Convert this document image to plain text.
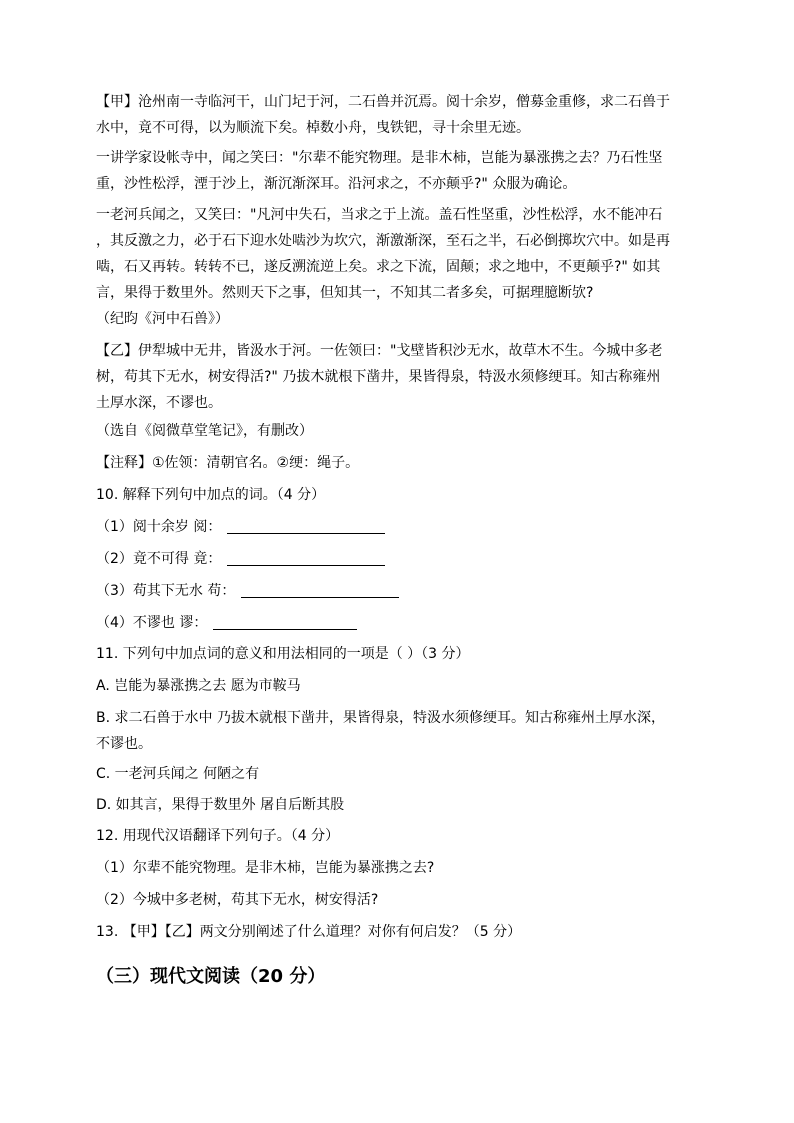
【甲】沧州南一寺临河干，山门圮于河，二石兽并沉焉。阅十余岁，僧募金重修，求二石兽于

水中，竟不可得，以为顺流下矣。棹数小舟，曳铁钯，寻十余里无迹。

一讲学家设帐寺中，闻之笑曰："尔辈不能究物理。是非木柿，岂能为暴涨携之去？乃石性坚

重，沙性松浮，湮于沙上，渐沉渐深耳。沿河求之，不亦颠乎?" 众服为确论。

一老河兵闻之，又笑曰："凡河中失石，当求之于上流。盖石性坚重，沙性松浮，水不能冲石

，其反激之力，必于石下迎水处啮沙为坎穴，渐激渐深，至石之半，石必倒掷坎穴中。如是再

啮，石又再转。转转不已，遂反溯流逆上矣。求之下流，固颠；求之地中，不更颠乎?" 如其

言，果得于数里外。然则天下之事，但知其一，不知其二者多矣，可据理臆断欤?

（纪昀《河中石兽》）

【乙】伊犁城中无井，皆汲水于河。一佐领曰："戈壁皆积沙无水，故草木不生。今城中多老

树，苟其下无水，树安得活?" 乃拔木就根下凿井，果皆得泉，特汲水须修绠耳。知古称雍州

土厚水深，不谬也。

（选自《阅微草堂笔记》，有删改）

【注释】①佐领：清朝官名。②绠：绳子。

10. 解释下列句中加点的词。（4 分）

（1）阅十余岁 阅：

（2）竟不可得 竟：

（3）苟其下无水 苟：

（4）不谬也 谬：

11. 下列句中加点词的意义和用法相同的一项是（ ）（3 分）

A. 岂能为暴涨携之去 愿为市鞍马

B. 求二石兽于水中 乃拔木就根下凿井，果皆得泉，特汲水须修绠耳。知古称雍州土厚水深，

不谬也。

C. 一老河兵闻之 何陋之有

D. 如其言，果得于数里外 屠自后断其股

12. 用现代汉语翻译下列句子。（4 分）

（1）尔辈不能究物理。是非木柿，岂能为暴涨携之去?

（2）今城中多老树，苟其下无水，树安得活?

13. 【甲】【乙】两文分别阐述了什么道理？对你有何启发？（5 分）

（三）现代文阅读（20 分）
